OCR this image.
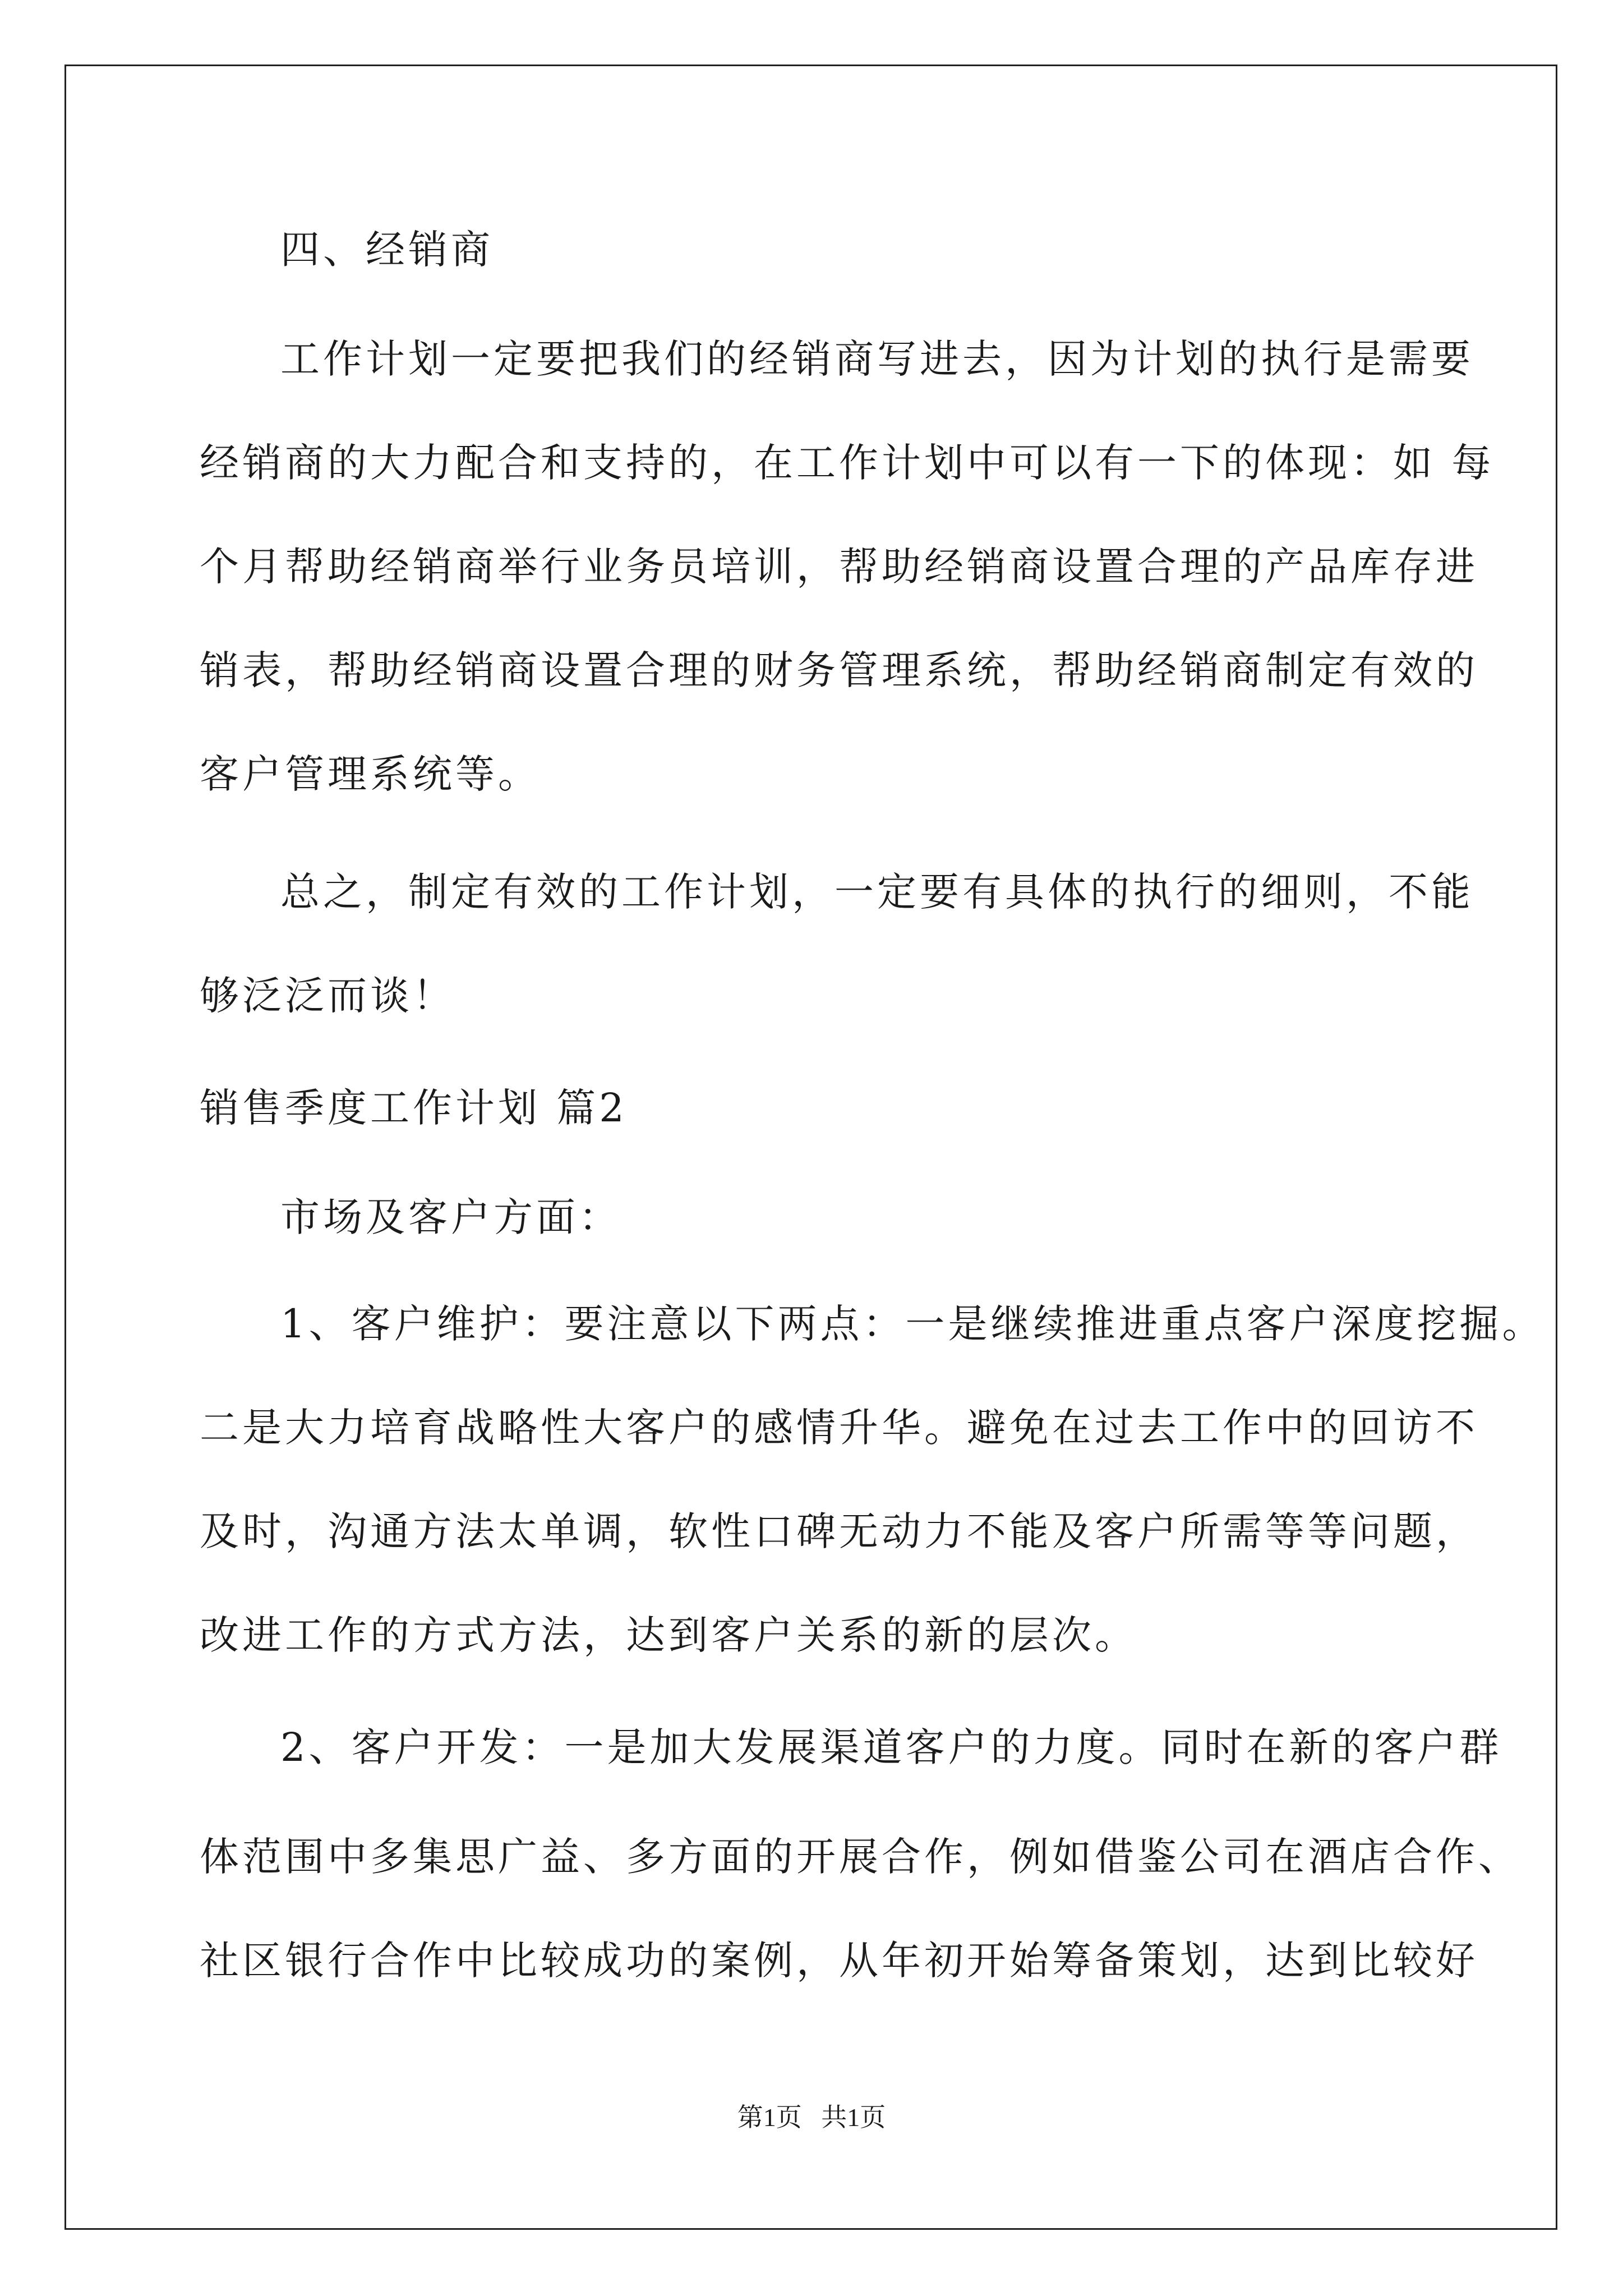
四、经销商
工作计划一定要把我们的经销商写进去，因为计划的执行是需要
经销商的大力配合和支持的，在工作计划中可以有一下的体现：如 每
个月帮助经销商举行业务员培训，帮助经销商设置合理的产品库存进
销表，帮助经销商设置合理的财务管理系统，帮助经销商制定有效的
客户管理系统等。
总之，制定有效的工作计划，一定要有具体的执行的细则，不能
够泛泛而谈！
销售季度工作计划 篇2
市场及客户方面：
1、客户维护：要注意以下两点：一是继续推进重点客户深度挖掘。
二是大力培育战略性大客户的感情升华。避免在过去工作中的回访不
及时，沟通方法太单调，软性口碑无动力不能及客户所需等等问题，
改进工作的方式方法，达到客户关系的新的层次。
2、客户开发：一是加大发展渠道客户的力度。同时在新的客户群
体范围中多集思广益、多方面的开展合作，例如借鉴公司在酒店合作、
社区银行合作中比较成功的案例，从年初开始筹备策划，达到比较好
第1页   共1页
